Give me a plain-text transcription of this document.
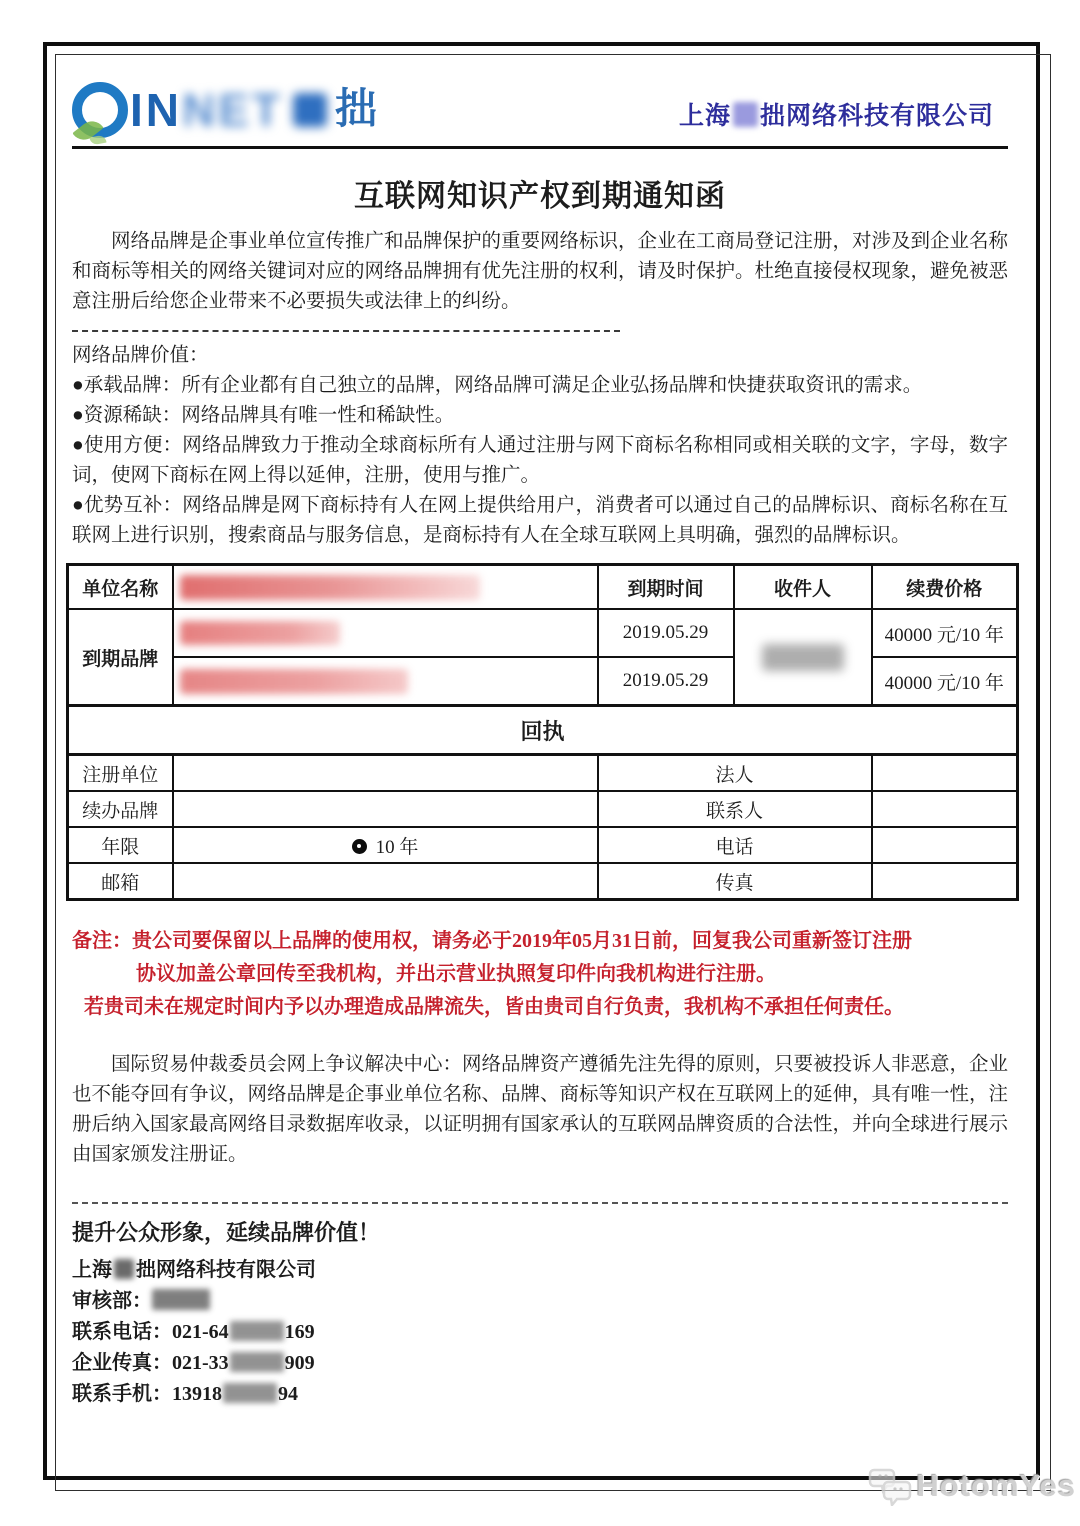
IN NET 拙	上海 拙网络科技有限公司
互联网知识产权到期通知函

网络品牌是企事业单位宣传推广和品牌保护的重要网络标识，企业在工商局登记注册，对涉及到企业名称和商标等相关的网络关键词对应的网络品牌拥有优先注册的权利，请及时保护。杜绝直接侵权现象，避免被恶意注册后给您企业带来不必要损失或法律上的纠纷。

网络品牌价值：

●承载品牌：所有企业都有自己独立的品牌，网络品牌可满足企业弘扬品牌和快捷获取资讯的需求。

●资源稀缺：网络品牌具有唯一性和稀缺性。

●使用方便：网络品牌致力于推动全球商标所有人通过注册与网下商标名称相同或相关联的文字，字母，数字词，使网下商标在网上得以延伸，注册，使用与推广。

●优势互补：网络品牌是网下商标持有人在网上提供给用户，消费者可以通过自己的品牌标识、商标名称在互联网上进行识别，搜索商品与服务信息，是商标持有人在全球互联网上具明确，强烈的品牌标识。

单位名称		到期时间	收件人	续费价格
到期品牌		2019.05.29		40000 元/10 年

		2019.05.29		40000 元/10 年
回执				
注册单位		法人		
续办品牌		联系人		
年限	10 年	电话		
邮箱		传真		

备注：贵公司要保留以上品牌的使用权，请务必于2019年05月31日前，回复我公司重新签订注册

协议加盖公章回传至我机构，并出示营业执照复印件向我机构进行注册。

若贵司未在规定时间内予以办理造成品牌流失，皆由贵司自行负责，我机构不承担任何责任。

国际贸易仲裁委员会网上争议解决中心：网络品牌资产遵循先注先得的原则，只要被投诉人非恶意，企业也不能夺回有争议，网络品牌是企事业单位名称、品牌、商标等知识产权在互联网上的延伸，具有唯一性，注册后纳入国家最高网络目录数据库收录，以证明拥有国家承认的互联网品牌资质的合法性，并向全球进行展示由国家颁发注册证。

提升公众形象，延续品牌价值！

上海 拙网络科技有限公司
审核部：
联系电话：021-64	169
企业传真：021-33	909
联系手机：13918	94
HotomYes
